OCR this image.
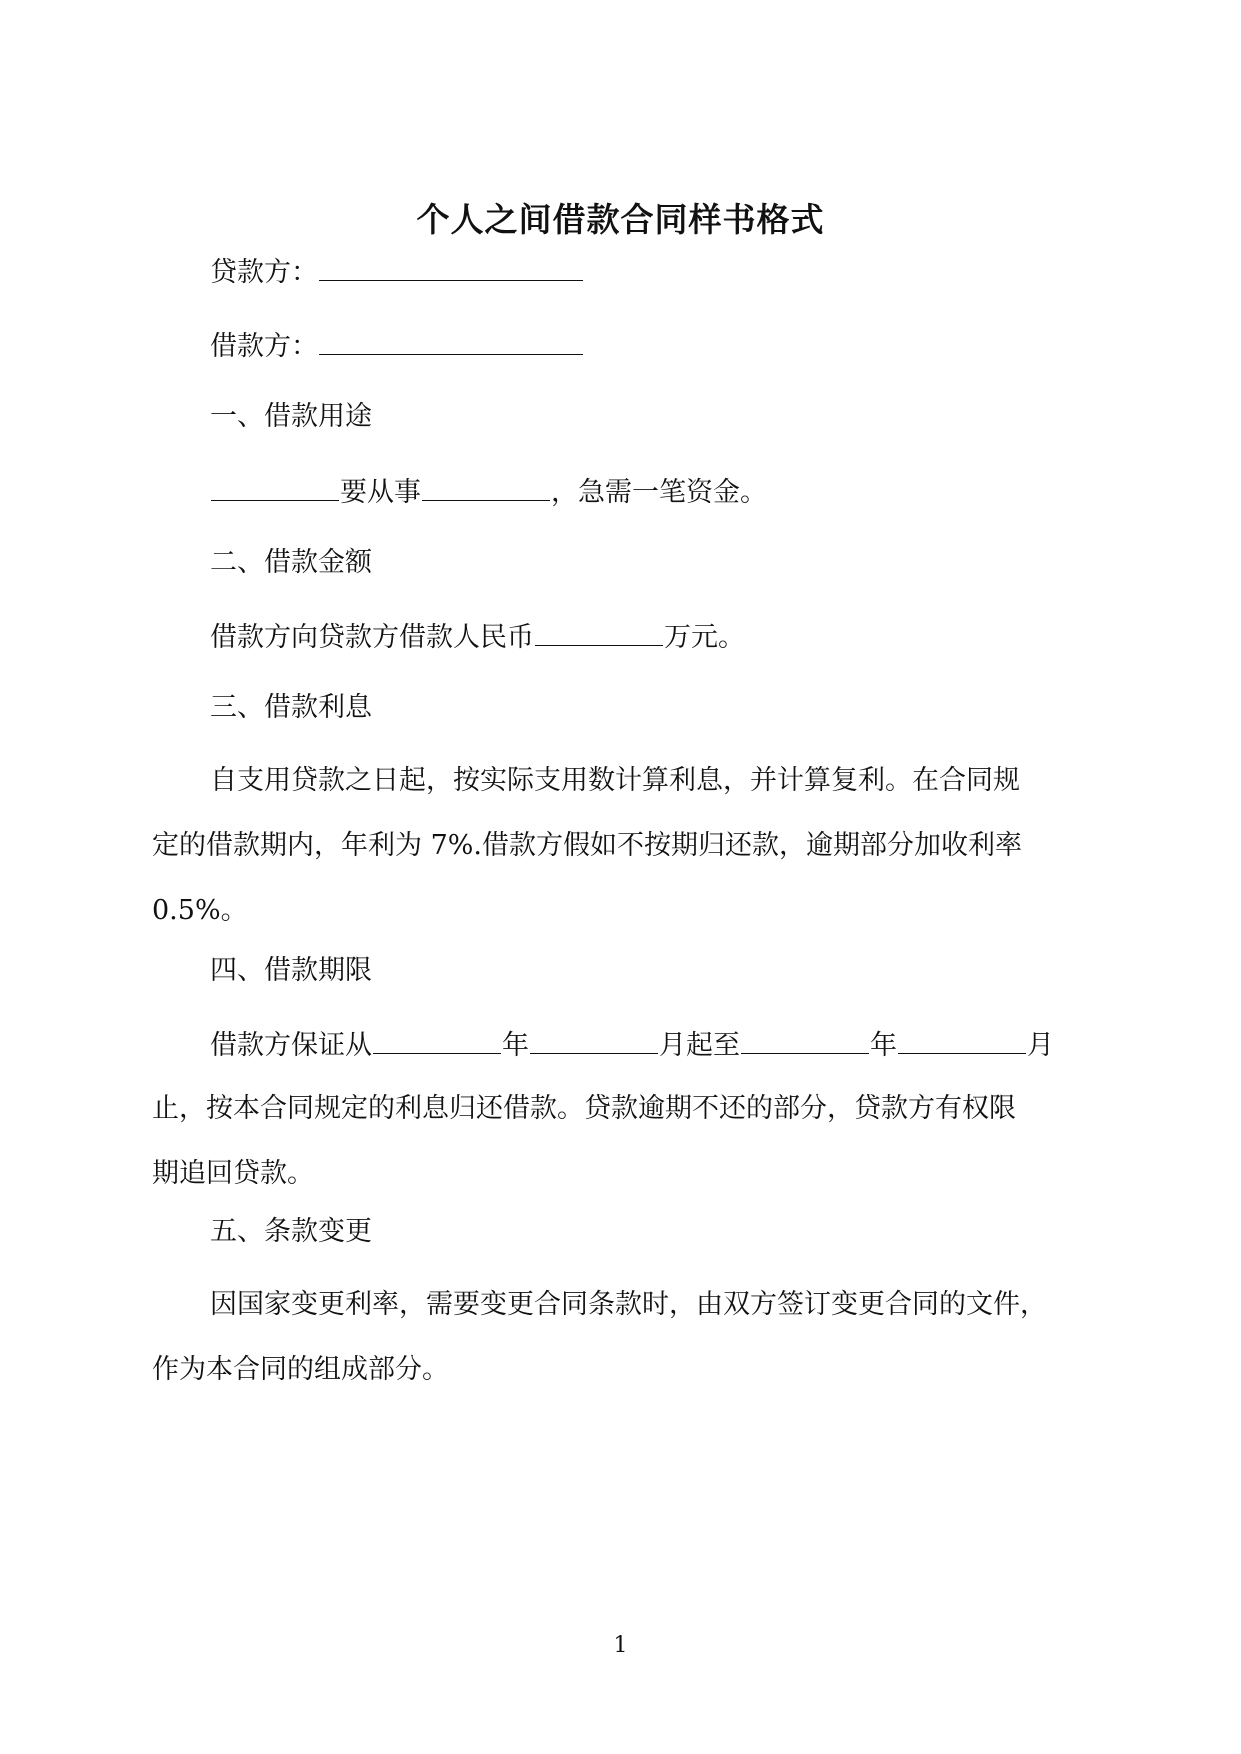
个人之间借款合同样书格式

贷款方：

借款方：

一、借款用途

要从事	，急需一笔资金。

二、借款金额

借款方向贷款方借款人民币	万元。

三、借款利息

自支用贷款之日起，按实际支用数计算利息，并计算复利。在合同规
定的借款期内，年利为 7%.借款方假如不按期归还款，逾期部分加收利率
0.5%。

四、借款期限

借款方保证从	年	月起至	年	月
止，按本合同规定的利息归还借款。贷款逾期不还的部分，贷款方有权限
期追回贷款。

五、条款变更

因国家变更利率，需要变更合同条款时，由双方签订变更合同的文件，
作为本合同的组成部分。

1
